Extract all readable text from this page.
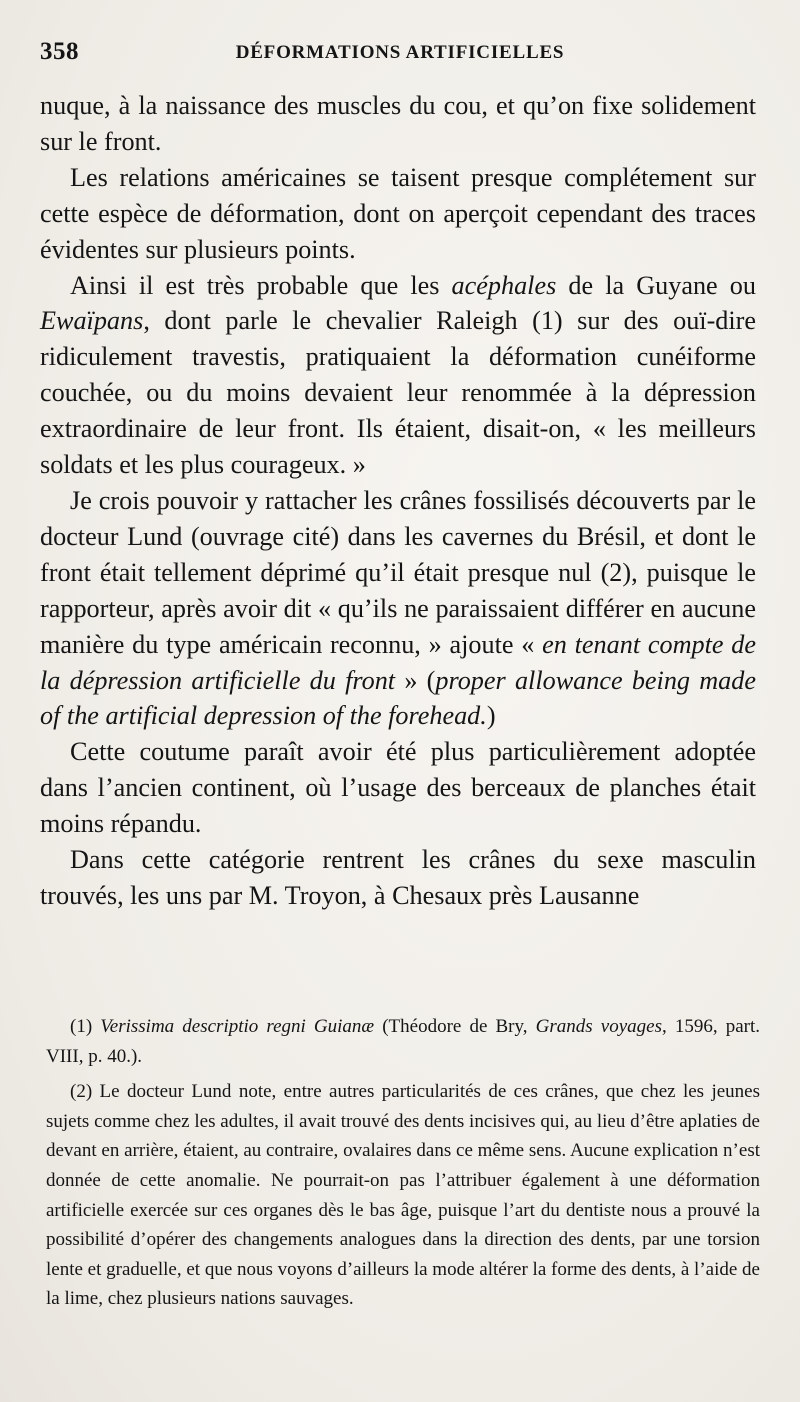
358	DÉFORMATIONS ARTIFICIELLES

nuque, à la naissance des muscles du cou, et qu’on fixe solidement sur le front.

Les relations américaines se taisent presque complétement sur cette espèce de déformation, dont on aperçoit cependant des traces évidentes sur plusieurs points.

Ainsi il est très probable que les acéphales de la Guyane ou Ewaïpans, dont parle le chevalier Raleigh (1) sur des ouï-dire ridiculement travestis, pratiquaient la déformation cunéiforme couchée, ou du moins devaient leur renommée à la dépression extraordinaire de leur front. Ils étaient, disait-on, « les meilleurs soldats et les plus courageux. »

Je crois pouvoir y rattacher les crânes fossilisés découverts par le docteur Lund (ouvrage cité) dans les cavernes du Brésil, et dont le front était tellement déprimé qu’il était presque nul (2), puisque le rapporteur, après avoir dit « qu’ils ne paraissaient différer en aucune manière du type américain reconnu, » ajoute « en tenant compte de la dépression artificielle du front » (proper allowance being made of the artificial depression of the forehead.)

Cette coutume paraît avoir été plus particulièrement adoptée dans l’ancien continent, où l’usage des berceaux de planches était moins répandu.

Dans cette catégorie rentrent les crânes du sexe masculin trouvés, les uns par M. Troyon, à Chesaux près Lausanne

(1) Verissima descriptio regni Guianæ (Théodore de Bry, Grands voyages, 1596, part. VIII, p. 40.).

(2) Le docteur Lund note, entre autres particularités de ces crânes, que chez les jeunes sujets comme chez les adultes, il avait trouvé des dents incisives qui, au lieu d’être aplaties de devant en arrière, étaient, au contraire, ovalaires dans ce même sens. Aucune explication n’est donnée de cette anomalie. Ne pourrait-on pas l’attribuer également à une déformation artificielle exercée sur ces organes dès le bas âge, puisque l’art du dentiste nous a prouvé la possibilité d’opérer des changements analogues dans la direction des dents, par une torsion lente et graduelle, et que nous voyons d’ailleurs la mode altérer la forme des dents, à l’aide de la lime, chez plusieurs nations sauvages.
